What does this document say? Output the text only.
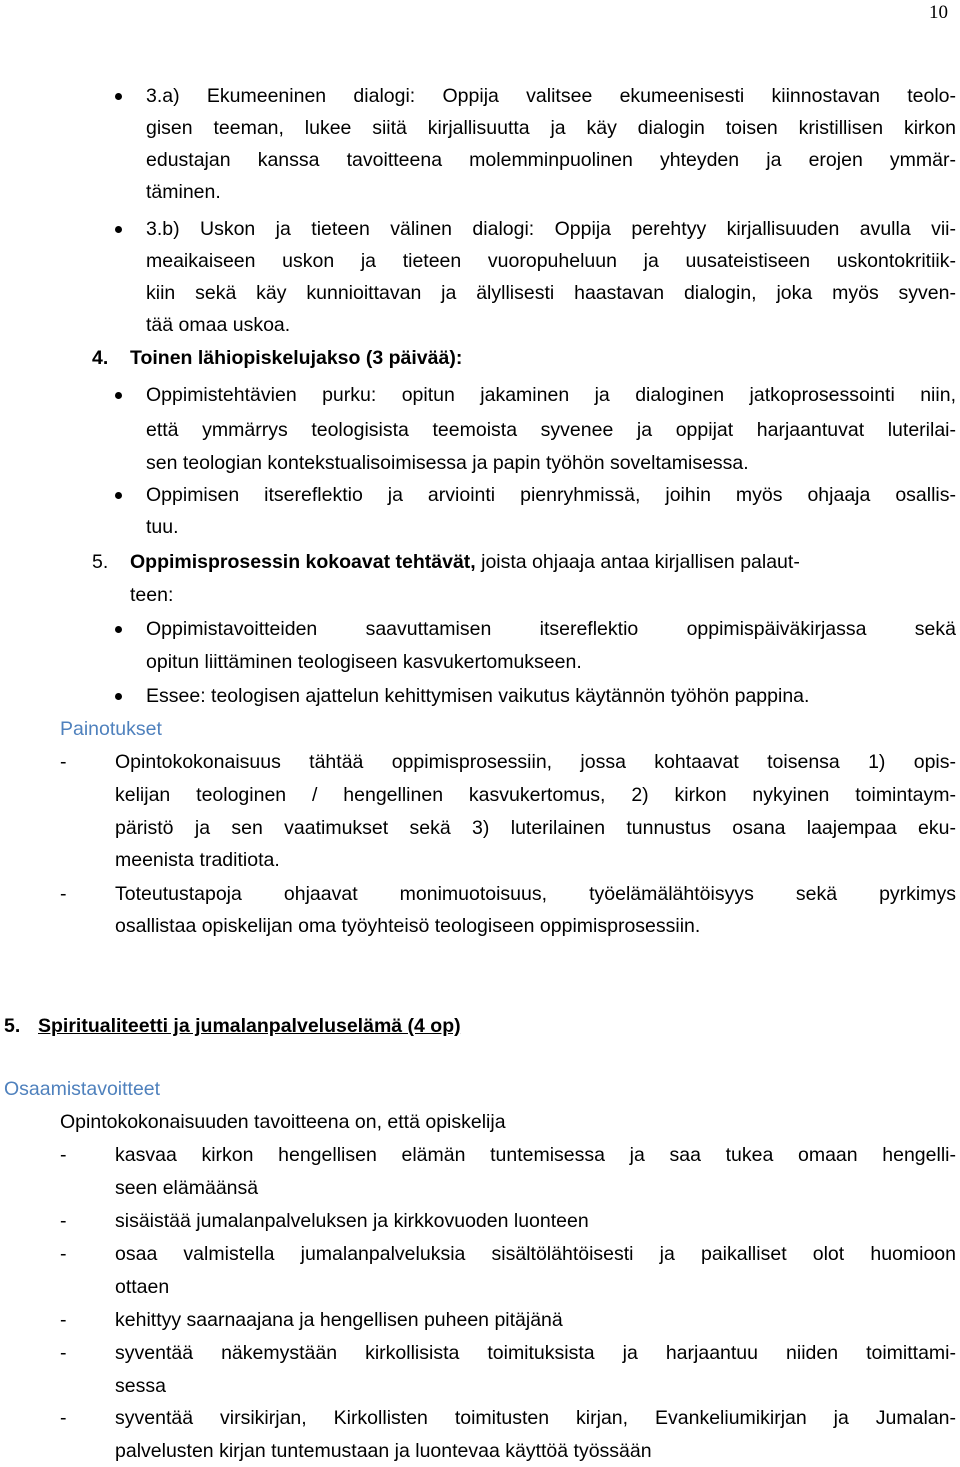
10
3.a) Ekumeeninen dialogi: Oppija valitsee ekumeenisesti kiinnostavan teolo-
gisen teeman, lukee siitä kirjallisuutta ja käy dialogin toisen kristillisen kirkon
edustajan kanssa tavoitteena molemminpuolinen yhteyden ja erojen ymmär-
täminen.
3.b) Uskon ja tieteen välinen dialogi: Oppija perehtyy kirjallisuuden avulla vii-
meaikaiseen uskon ja tieteen vuoropuheluun ja uusateistiseen uskontokritiik-
kiin sekä käy kunnioittavan ja älyllisesti haastavan dialogin, joka myös syven-
tää omaa uskoa.
4. Toinen lähiopiskelujakso (3 päivää):
Oppimistehtävien purku: opitun jakaminen ja dialoginen jatkoprosessointi niin,
että ymmärrys teologisista teemoista syvenee ja oppijat harjaantuvat luterilai-
sen teologian kontekstualisoimisessa ja papin työhön soveltamisessa.
Oppimisen itsereflektio ja arviointi pienryhmissä, joihin myös ohjaaja osallis-
tuu.
5. Oppimisprosessin kokoavat tehtävät, joista ohjaaja antaa kirjallisen palaut-
teen:
Oppimistavoitteiden saavuttamisen itsereflektio oppimispäiväkirjassa sekä
opitun liittäminen teologiseen kasvukertomukseen.
Essee: teologisen ajattelun kehittymisen vaikutus käytännön työhön pappina.
Painotukset
- Opintokokonaisuus tähtää oppimisprosessiin, jossa kohtaavat toisensa 1) opis-
kelijan teologinen / hengellinen kasvukertomus, 2) kirkon nykyinen toimintaym-
päristö ja sen vaatimukset sekä 3) luterilainen tunnustus osana laajempaa eku-
meenista traditiota.
- Toteutustapoja ohjaavat monimuotoisuus, työelämälähtöisyys sekä pyrkimys
osallistaa opiskelijan oma työyhteisö teologiseen oppimisprosessiin.
5. Spiritualiteetti ja jumalanpalveluselämä (4 op)
Osaamistavoitteet
Opintokokonaisuuden tavoitteena on, että opiskelija
- kasvaa kirkon hengellisen elämän tuntemisessa ja saa tukea omaan hengelli-
seen elämäänsä
- sisäistää jumalanpalveluksen ja kirkkovuoden luonteen
- osaa valmistella jumalanpalveluksia sisältölähtöisesti ja paikalliset olot huomioon
ottaen
- kehittyy saarnaajana ja hengellisen puheen pitäjänä
- syventää näkemystään kirkollisista toimituksista ja harjaantuu niiden toimittami-
sessa
- syventää virsikirjan, Kirkollisten toimitusten kirjan, Evankeliumikirjan ja Jumalan-
palvelusten kirjan tuntemustaan ja luontevaa käyttöä työssään
